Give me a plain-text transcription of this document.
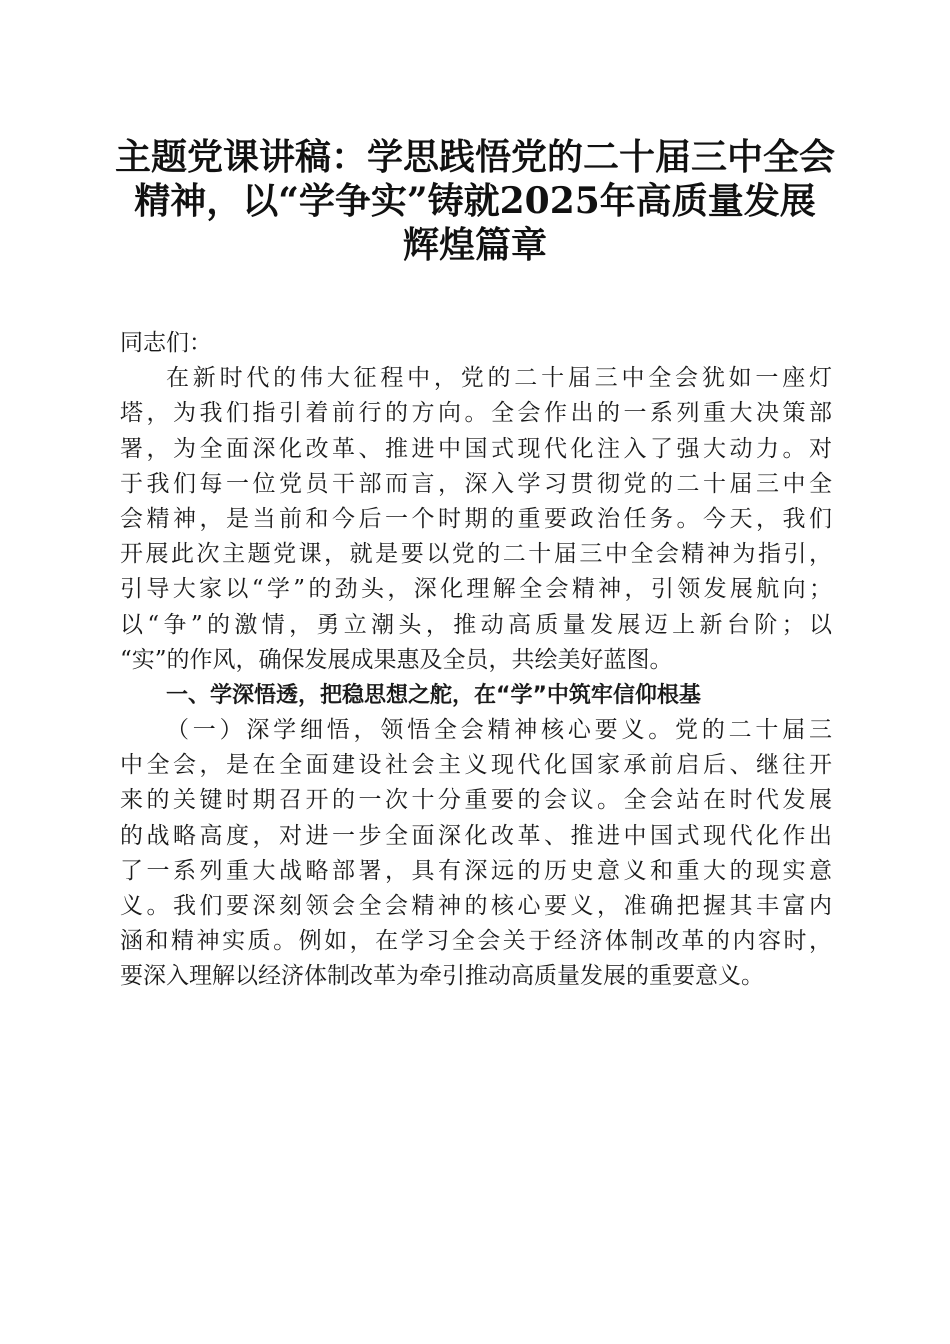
主题党课讲稿：学思践悟党的二十届三中全会
精神，以“学争实”铸就2025年高质量发展
辉煌篇章
同志们：
在新时代的伟大征程中，党的二十届三中全会犹如一座灯
塔，为我们指引着前行的方向。全会作出的一系列重大决策部
署，为全面深化改革、推进中国式现代化注入了强大动力。对
于我们每一位党员干部而言，深入学习贯彻党的二十届三中全
会精神，是当前和今后一个时期的重要政治任务。今天，我们
开展此次主题党课，就是要以党的二十届三中全会精神为指引，
引导大家以“学”的劲头，深化理解全会精神，引领发展航向；
以“争”的激情，勇立潮头，推动高质量发展迈上新台阶；以
“实”的作风，确保发展成果惠及全员，共绘美好蓝图。
一、学深悟透，把稳思想之舵，在“学”中筑牢信仰根基
（一）深学细悟，领悟全会精神核心要义。党的二十届三
中全会，是在全面建设社会主义现代化国家承前启后、继往开
来的关键时期召开的一次十分重要的会议。全会站在时代发展
的战略高度，对进一步全面深化改革、推进中国式现代化作出
了一系列重大战略部署，具有深远的历史意义和重大的现实意
义。我们要深刻领会全会精神的核心要义，准确把握其丰富内
涵和精神实质。例如，在学习全会关于经济体制改革的内容时，
要深入理解以经济体制改革为牵引推动高质量发展的重要意义。
